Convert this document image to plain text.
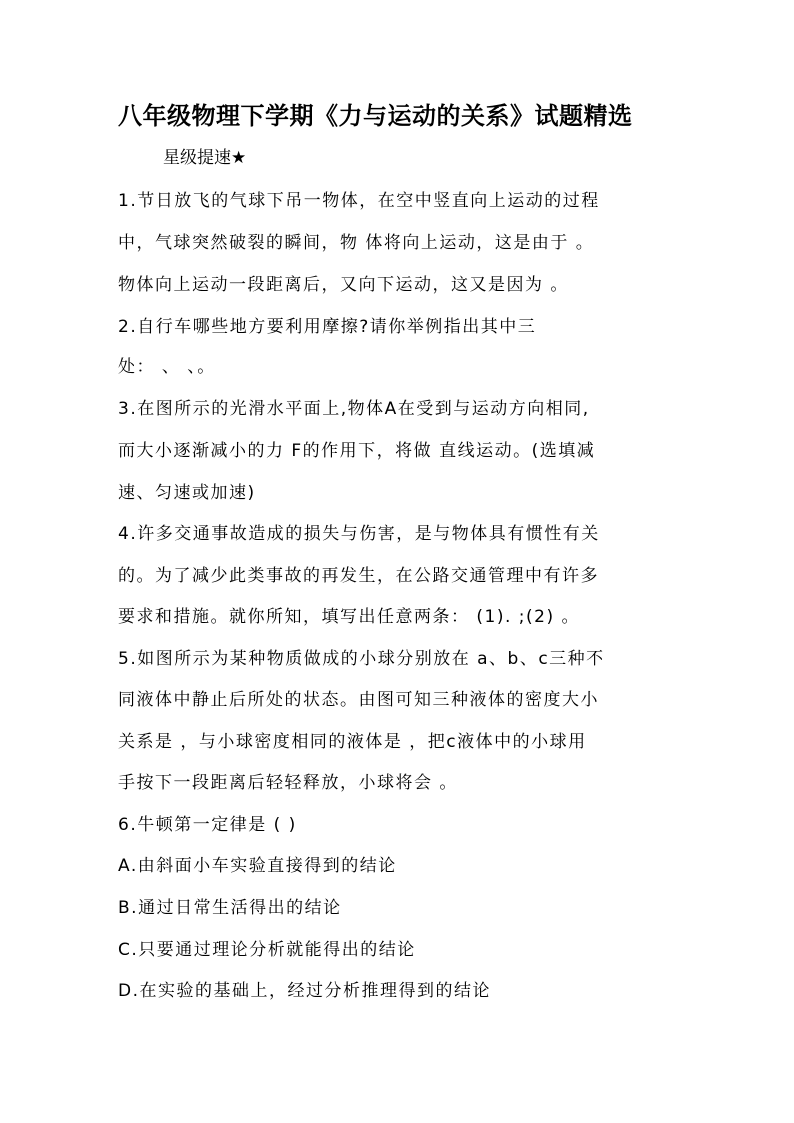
八年级物理下学期《力与运动的关系》试题精选
星级提速★
1.节日放飞的气球下吊一物体，在空中竖直向上运动的过程
中，气球突然破裂的瞬间，物 体将向上运动，这是由于 。
物体向上运动一段距离后，又向下运动，这又是因为 。
2.自行车哪些地方要利用摩擦?请你举例指出其中三
处： 、 、。
3.在图所示的光滑水平面上,物体A在受到与运动方向相同,
而大小逐渐减小的力 F的作用下，将做 直线运动。(选填减
速、匀速或加速)
4.许多交通事故造成的损失与伤害，是与物体具有惯性有关
的。为了减少此类事故的再发生，在公路交通管理中有许多
要求和措施。就你所知，填写出任意两条： (1). ;(2) 。
5.如图所示为某种物质做成的小球分别放在 a、b、c三种不
同液体中静止后所处的状态。由图可知三种液体的密度大小
关系是 ，与小球密度相同的液体是 ，把c液体中的小球用
手按下一段距离后轻轻释放，小球将会 。
6.牛顿第一定律是 ( )
A.由斜面小车实验直接得到的结论
B.通过日常生活得出的结论
C.只要通过理论分析就能得出的结论
D.在实验的基础上，经过分析推理得到的结论
